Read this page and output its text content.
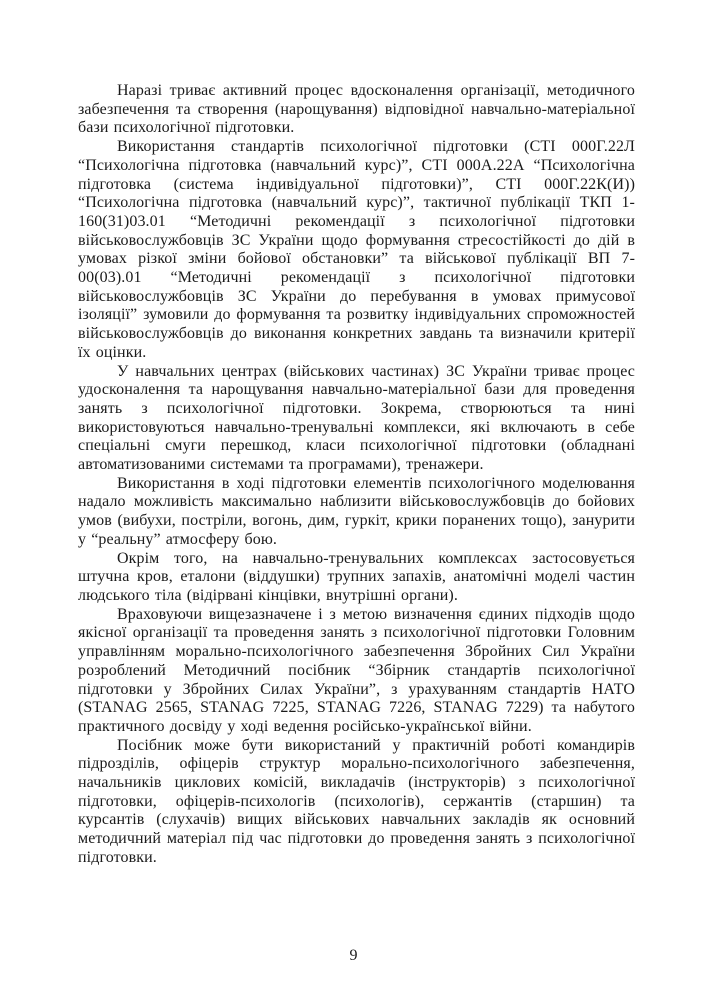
Наразі триває активний процес вдосконалення організації, методичного забезпечення та створення (нарощування) відповідної навчально-матеріальної бази психологічної підготовки.

Використання стандартів психологічної підготовки (СТІ 000Г.22Л “Психологічна підготовка (навчальний курс)”, СТІ 000А.22А “Психологічна підготовка (система індивідуальної підготовки)”, СТІ 000Г.22К(И)) “Психологічна підготовка (навчальний курс)”, тактичної публікації ТКП 1-160(31)03.01 “Методичні рекомендації з психологічної підготовки військовослужбовців ЗС України щодо формування стресостійкості до дій в умовах різкої зміни бойової обстановки” та військової публікації ВП 7-00(03).01 “Методичні рекомендації з психологічної підготовки військовослужбовців ЗС України до перебування в умовах примусової ізоляції” зумовили до формування та розвитку індивідуальних спроможностей військовослужбовців до виконання конкретних завдань та визначили критерії їх оцінки.

У навчальних центрах (військових частинах) ЗС України триває процес удосконалення та нарощування навчально-матеріальної бази для проведення занять з психологічної підготовки. Зокрема, створюються та нині використовуються навчально-тренувальні комплекси, які включають в себе спеціальні смуги перешкод, класи психологічної підготовки (обладнані автоматизованими системами та програмами), тренажери.

Використання в ході підготовки елементів психологічного моделювання надало можливість максимально наблизити військовослужбовців до бойових умов (вибухи, постріли, вогонь, дим, гуркіт, крики поранених тощо), занурити у “реальну” атмосферу бою.

Окрім того, на навчально-тренувальних комплексах застосовується штучна кров, еталони (віддушки) трупних запахів, анатомічні моделі частин людського тіла (відірвані кінцівки, внутрішні органи).

Враховуючи вищезазначене і з метою визначення єдиних підходів щодо якісної організації та проведення занять з психологічної підготовки Головним управлінням морально-психологічного забезпечення Збройних Сил України розроблений Методичний посібник “Збірник стандартів психологічної підготовки у Збройних Силах України”, з урахуванням стандартів НАТО (STANAG 2565, STANAG 7225, STANAG 7226, STANAG 7229) та набутого практичного досвіду у ході ведення російсько-української війни.

Посібник може бути використаний у практичній роботі командирів підрозділів, офіцерів структур морально-психологічного забезпечення, начальників циклових комісій, викладачів (інструкторів) з психологічної підготовки, офіцерів-психологів (психологів), сержантів (старшин) та курсантів (слухачів) вищих військових навчальних закладів як основний методичний матеріал під час підготовки до проведення занять з психологічної підготовки.

9
